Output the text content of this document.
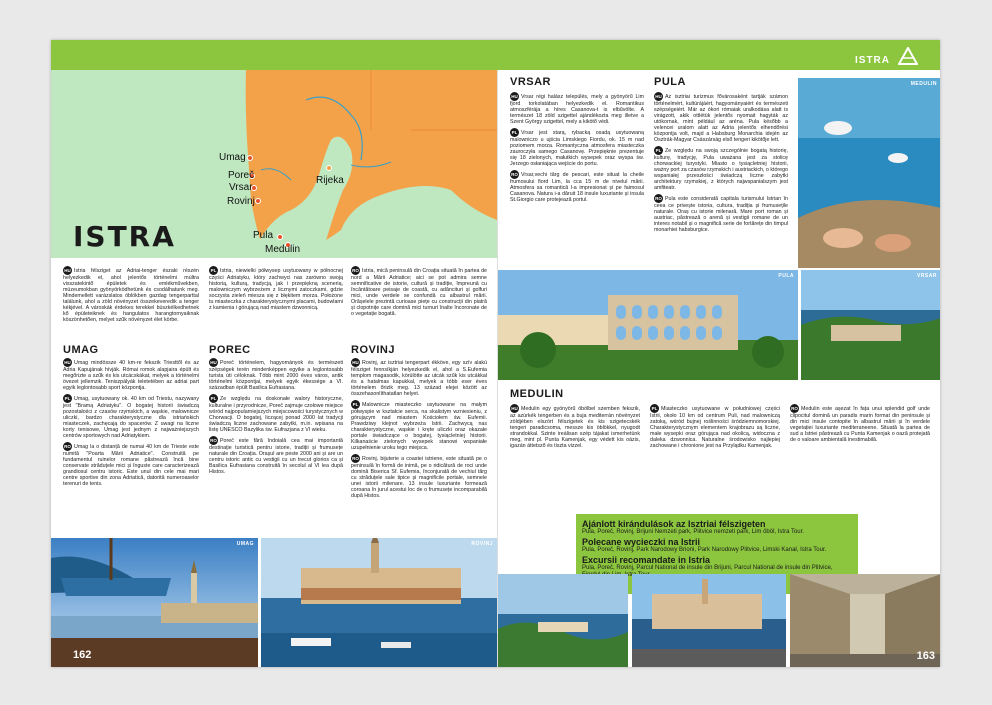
ISTRA
Umag
Poreč
Vrsar
Rovinj
Pula
Medulin
Rijeka

HU Istria félsziget az Adriai-tenger északi részén helyezkedik el, ahol jelentős történelmi múltra visszatekintő épületek és emlékművekben, múzeumokban gyönyörködhetünk és csodálhatunk meg. Mindemellett varázslatos öblökben gazdag tengerparttal találunk, ahol a zöld növényzet összekeveredik a tenger kékjével. A városkák érdekes terekkel büszkélkedhetnek kő épületeiknek és hangulatos harangtornyaiknak köszönhetően, melyet szűk növényzet élet körbe.

PL Istria, niewielki półwysep usytuowany w północnej części Adriatyku, który zachwyci nas zarówno swoją historią, kulturą, tradycją, jak i przepiękną scenerią, malowniczym wybrzeżem z licznymi zatoczkami, gdzie soczysta zieleń miesza się z błękitem morza. Położone tu miasteczka z charakterystycznymi placami, budowlami z kamienia i górującą nad miastem dzwonnicą.

RO Istria, mică peninsulă din Croația situată în partea de nord a Mării Adriatice; aici se pot admira semne semnificative de istorie, cultură și tradiție, împreună cu încântătoare peisaje de coastă, cu adâncituri și golfuri mici, unde verdele se confundă cu albastrul mării. Orășelele prezintă curioase piețe cu construcții din piatră și clopotnițe care domină mici turnuri înalte încoronate de o vegetație bogată.

UMAG	POREC	ROVINJ

HU Umag mindössze 40 km-re fekszik Triesttől és az Adria Kapujának hívják. Római romok alapjaira épült és megőrizte a szűk és kis utcácskákat, melyek a történelmi övezet jellemzik. Teniszpályák teletetében az adriai part egyik leglontosabb sport központja.

PL Umag, usytuowany ok. 40 km od Triestu, nazywany jest "Bramą Adriatyku". O bogatej historii świadczą pozostałości z czasów rzymskich, a wąskie, malownicze uliczki, bardzo charakterystyczne dla istriańskich miasteczek, zachęcają do spacerów. Z uwagi na liczne korty tenisowe, Umag jest jednym z najważniejszych centrów sportowych nad Adriatykiem.

RO Umag la o distanță de numai 40 km de Trieste este numită "Poarta Mării Adriatice". Construită pe fundamentul ruinelor romane păstrează încă bine conservate străduțele mici și înguste care caracterizează grandiosul centru istoric. Este unul din cele mai mari centre sportive din zona Adriatică, datorită numeroaselor terenuri de tenis.

HU Poreč történelem, hagyományok és természeti szépségek terén mindenképpen egyike a leglontosabb turista úti céloknak. Több mint 2000 éves város, antik történelmi központjai, melyek egyik ékessége a VI. században épült Basilica Eufrasiana.

PL Ze względu na doskonałe walory historyczne, kulturalne i przyrodnicze, Poreč zajmuje czołowe miejsce wśród najpopularniejszych miejscowości turystycznych w Chorwacji. O bogatej, liczącej ponad 2000 lat tradycji świadczą liczne zachowane zabytki, m.in. wpisana na listę UNESCO Bazylika św. Eufrazjana z VI wieku.

RO Poreč este fără îndoială cea mai importantă destinație turistică pentru istorie, tradiții și frumusețe naturale din Croația. Orașul are peste 2000 ani și are un centru istoric antic cu vestigii cu un trecut glorios ca și Basilica Eufrasiana construită în secolul al VI lea după Histos.

HU Rovinj, az isztriai tengerpart ékköve, egy szív alakú félsziget fennsíkján helyezkedik el, ahol a S.Eufemia templom magasodik, körülötte az utcák szűk kis utcákkal és a hatalmas kapukkal, melyek a tóbb eser éves történelem őrizik meg. 13 század elejei között az összehasonlíthatatlan helyet.

PL Malownicze miasteczko usytuowane na małym półwyspie w kształcie serca, na skalistym wzniesieniu, z górującym nad miastem Kościołem św. Eufemii. Prawdziwy klejnot wybrzeża Istrii. Zachwycą nas charakterystyczne, wąskie i kręte uliczki oraz okazałe portale świadczące o bogatej, tysiącletniej historii. Kilkanaście zielonych wysepek stanowi wspaniałe uzupełnienie uroku tego miejsca.

RO Rovinj, bijuterie a coastei istriene, este situată pe o peninsulă în formă de inimă, pe o ridicătură de roci unde domină Biserica Sf. Eufemia, înconjurată de vechiul târg cu străduțele sale tipice și magnificile portale, semnele unei istorii milenare. 13 insule luxuriante formează coroana în jurul acestui loc de o frumusețe incomparabilă după Histos.

UMAG
162
ROVINJ
VRSAR

HU Vrsar régi halász település, mely a gyönyörű Lim fjord torkolatában helyezkedik el. Romantikus atmoszférája a híres Casanova-t is elbűvölte. A természet 18 zöld szigettel ajándékozta meg illetve a Szent György szigettel, mely a kikötő védi.

PL Vrsar jest starą, rybacką osadą usytuowaną malowniczo u ujścia Limskiego Fiordu, ok. 15 m nad poziomem morza. Romantyczna atmosfera miasteczka zauroczyła samego Casanovę. Przepięknie prezentuje się 18 zielonych, małutkich wysepek oraz wyspa św. Jerzego osłaniająca wejście do portu.

RO Vrsar,vechi târg de pescari, este situat la cheile frumosului fiord Lim, la cca 15 m de nivelul mării. Atmosfera sa romantică l-a impresionat și pe faimosul Casanova. Natura i-a dăruit 18 insule luxuriante și insula St.Giorgio care protejează portul.

PULA

HU Az isztriai turizmus fővárosaként tartják számon történelmért, kultúrájáért, hagyományaiért és természeti szépségeiért. Már az ókori rómaiak uralkodása alatt is virágzott, akik ottlétük jelentős nyomait hagyták az utókornak, mint például az aréna. Pula később a velencei uralom alatt az Adria jelentős elhendőrési központja volt, majd a Habsburg Monarchia idején az Osztrák-Magyar Császárság első tengeri kikötője lett.

PL Ze względu na swoją szczególnie bogatą historię, kulturę, tradycję, Pula uważana jest za stolicę chorwackiej turystyki. Miasto o tysiącletniej historii, ważny port za czasów rzymskich i austriackich, o którego wspaniałej przeszłości świadczą liczne zabytki architektury rzymskiej, z których najwspanialszym jest amfiteatr.

RO Pula este considerată capitala turismului Istrian în ceea ce privește istoria, cultura, tradiția și frumusețile naturale. Oraș cu istorie milenară. Mare port roman și austriac, păstrează o arenă și vestigii romane de un interes notabil și o magnifică serie de fortărețe din timpul monarhiei habsburgice.

MEDULIN
PULA	VRSAR
MEDULIN

HU Medulin egy gyönyörű öbölbel szemben fekszik, az azúrkék tengerben és a buja mediterrán növényzet zöldjében elszórt félszigetek és kis szigetecskék tengeri paradicsoma, messze kis öblökkel, nyugodt strandokkal. Szinte ireálisan szép tájakat ismerhetünk meg, mint pl. Punta Kamenjak, egy védett kis oázis, igazán áttetsző és tiszta vizzel.

PL Miasteczko usytuowane w południowej części Istrii, około 10 km od centrum Puli, nad malowniczą zatoką, wśród bujnej roślinności śródziemnomorskiej. Charakterystycznym elementem krajobrazu są liczne, małe wysepki oraz górująca nad okolicą, widoczna z daleka dzwonnica. Naturalne środowisko najlepiej zachowane i chronione jest na Przylądku Kamenjak.

RO Medulin este așezat în fața unui splendid golf unde clipocitul domină un paradis marin format din peninsule și din mici insule contopite în albastrul mării și în verdele vegetației luxuriante mediteraneene. Situată la partea de sud a Istriei păstrează cu Punta Kamenjak o oază protejată de o valoare ambientală inestimabilă.

Ajánlott kirándulások az Isztriai félszigeten
Pula, Poreč, Rovinj, Brijuni Nemzeti park, Plitvice nemzeti park, Lim öböl, Istra Tour.
Polecane wycieczki na Istrii
Pula, Poreč, Rovinj, Park Narodowy Brioni, Park Narodowy Plitvice, Limski Kanał, Istra Tour.
Excursii recomandate in Istria
Pula, Poreč, Rovinj, Parcul National de insule din Brijuni, Parcul National de insule din Plitvice, Istra
163
ISTRA
